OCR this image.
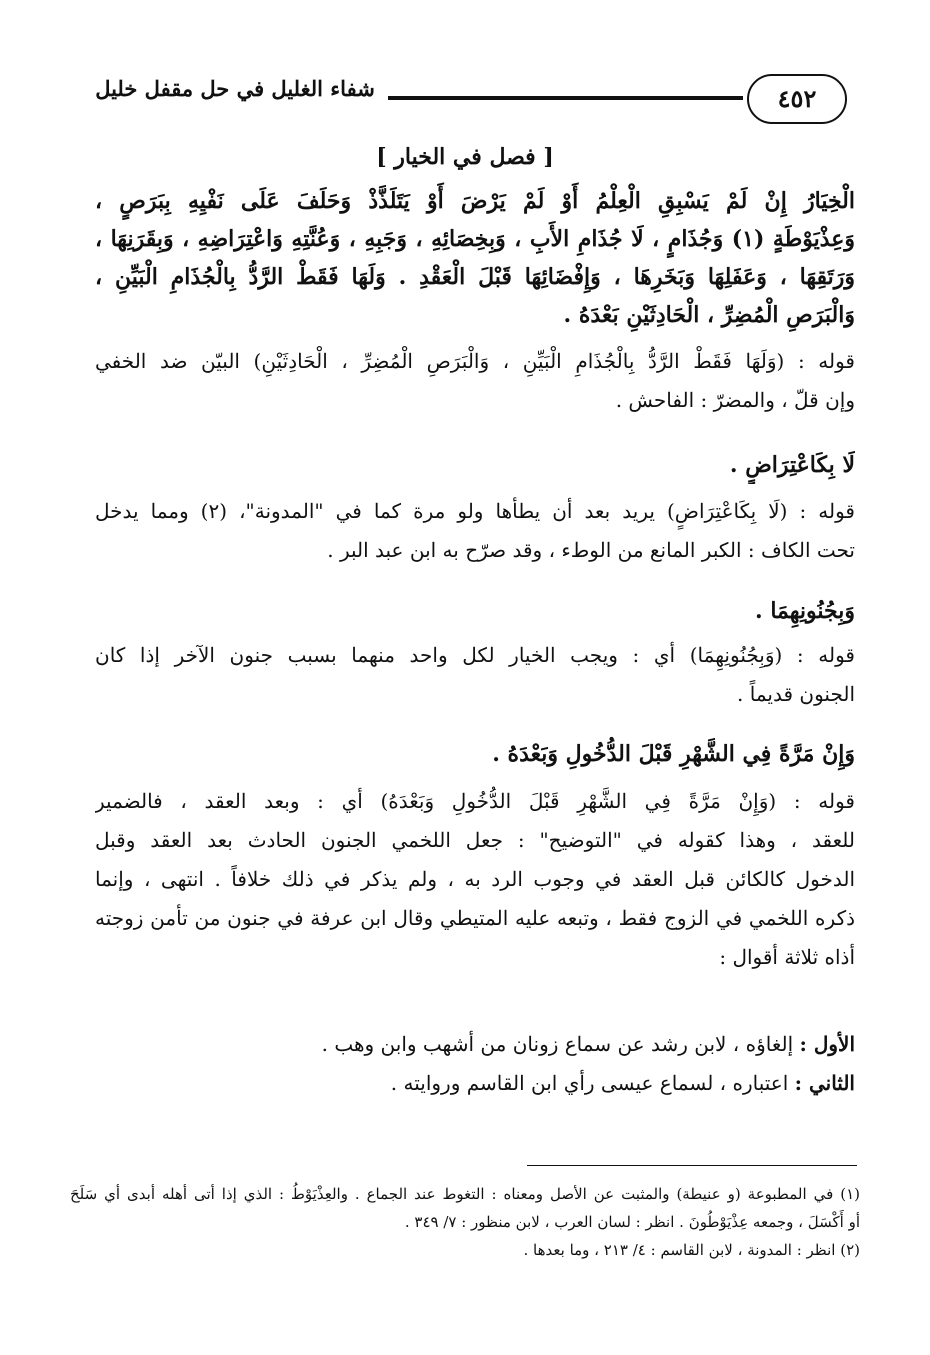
٤٥٢
شفاء الغليل في حل مقفل خليل
[ فصل في الخيار ]
الْخِيَارُ إِنْ لَمْ يَسْبِقِ الْعِلْمُ أَوْ لَمْ يَرْضَ أَوْ يَتَلَذَّذْ وَحَلَفَ عَلَى نَفْيِهِ بِبَرَصٍ ،
وَعِذْيَوْطَةٍ (١) وَجُذَامٍ ، لَا جُذَامِ الأَبِ ، وَبِخِصَائِهِ ، وَجَبِهِ ، وَعُنَّتِهِ وَاعْتِرَاضِهِ ، وَبِقَرَنِهَا ،
وَرَتَقِهَا ، وَعَفَلِهَا وَبَخَرِهَا ، وَإِفْضَائِهَا قَبْلَ الْعَقْدِ . وَلَهَا فَقَطْ الرَّدُّ بِالْجُذَامِ الْبَيِّنِ ،
وَالْبَرَصِ الْمُضِرِّ ، الْحَادِثَيْنِ بَعْدَهُ .
قوله : (وَلَهَا فَقَطْ الرَّدُّ بِالْجُذَامِ الْبَيِّنِ ، وَالْبَرَصِ الْمُضِرِّ ، الْحَادِثَيْنِ) البيّن ضد الخفي
وإن قلّ ، والمضرّ : الفاحش .
لَا بِكَاعْتِرَاضٍ .
قوله : (لَا بِكَاعْتِرَاضٍ) يريد بعد أن يطأها ولو مرة كما في "المدونة"، (٢) ومما يدخل
تحت الكاف : الكبر المانع من الوطء ، وقد صرّح به ابن عبد البر .
وَبِجُنُونِهِمَا .
قوله : (وَبِجُنُونِهِمَا) أي : ويجب الخيار لكل واحد منهما بسبب جنون الآخر إذا كان
الجنون قديماً .
وَإِنْ مَرَّةً فِي الشَّهْرِ قَبْلَ الدُّخُولِ وَبَعْدَهُ .
قوله : (وَإِنْ مَرَّةً فِي الشَّهْرِ قَبْلَ الدُّخُولِ وَبَعْدَهُ) أي : وبعد العقد ، فالضمير
للعقد ، وهذا كقوله في "التوضيح" : جعل اللخمي الجنون الحادث بعد العقد وقبل
الدخول كالكائن قبل العقد في وجوب الرد به ، ولم يذكر في ذلك خلافاً . انتهى ، وإنما
ذكره اللخمي في الزوج فقط ، وتبعه عليه المتيطي وقال ابن عرفة في جنون من تأمن زوجته
أذاه ثلاثة أقوال :
الأول : إلغاؤه ، لابن رشد عن سماع زونان من أشهب وابن وهب .
الثاني : اعتباره ، لسماع عيسى رأي ابن القاسم وروايته .
(١) في المطبوعة (و عنيطة) والمثبت عن الأصل ومعناه : التغوط عند الجماع . والعِذْيَوْطُ : الذي إذا أتى أهله أبدى أي سَلَحَ
أو أَكْسَلَ ، وجمعه عِذْيَوْطُونَ . انظر : لسان العرب ، لابن منظور : ٧/ ٣٤٩ .
(٢) انظر : المدونة ، لابن القاسم : ٤/ ٢١٣ ، وما بعدها .
